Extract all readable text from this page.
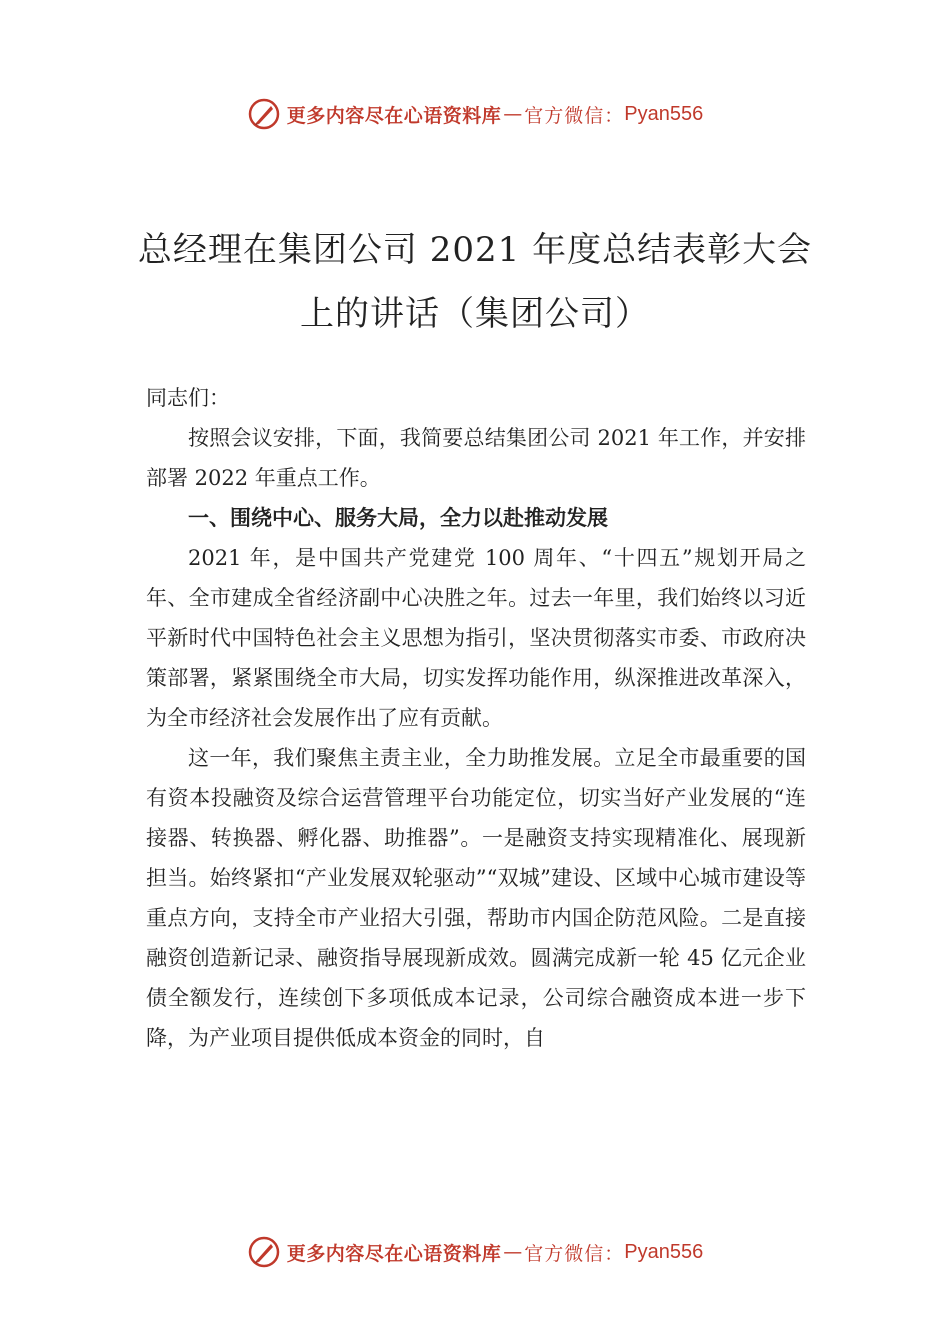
更多内容尽在心语资料库 — 官方微信： Pyan556
总经理在集团公司 2021 年度总结表彰大会
上的讲话（集团公司）

同志们：

按照会议安排，下面，我简要总结集团公司 2021 年工作，并安排部署 2022 年重点工作。

一、围绕中心、服务大局，全力以赴推动发展

2021 年，是中国共产党建党 100 周年、“十四五”规划开局之年、全市建成全省经济副中心决胜之年。过去一年里，我们始终以习近平新时代中国特色社会主义思想为指引，坚决贯彻落实市委、市政府决策部署，紧紧围绕全市大局，切实发挥功能作用，纵深推进改革深入，为全市经济社会发展作出了应有贡献。

这一年，我们聚焦主责主业，全力助推发展。立足全市最重要的国有资本投融资及综合运营管理平台功能定位，切实当好产业发展的“连接器、转换器、孵化器、助推器”。一是融资支持实现精准化、展现新担当。始终紧扣“产业发展双轮驱动”“双城”建设、区域中心城市建设等重点方向，支持全市产业招大引强，帮助市内国企防范风险。二是直接融资创造新记录、融资指导展现新成效。圆满完成新一轮 45 亿元企业债全额发行，连续创下多项低成本记录，公司综合融资成本进一步下降，为产业项目提供低成本资金的同时，自

更多内容尽在心语资料库 — 官方微信： Pyan556
